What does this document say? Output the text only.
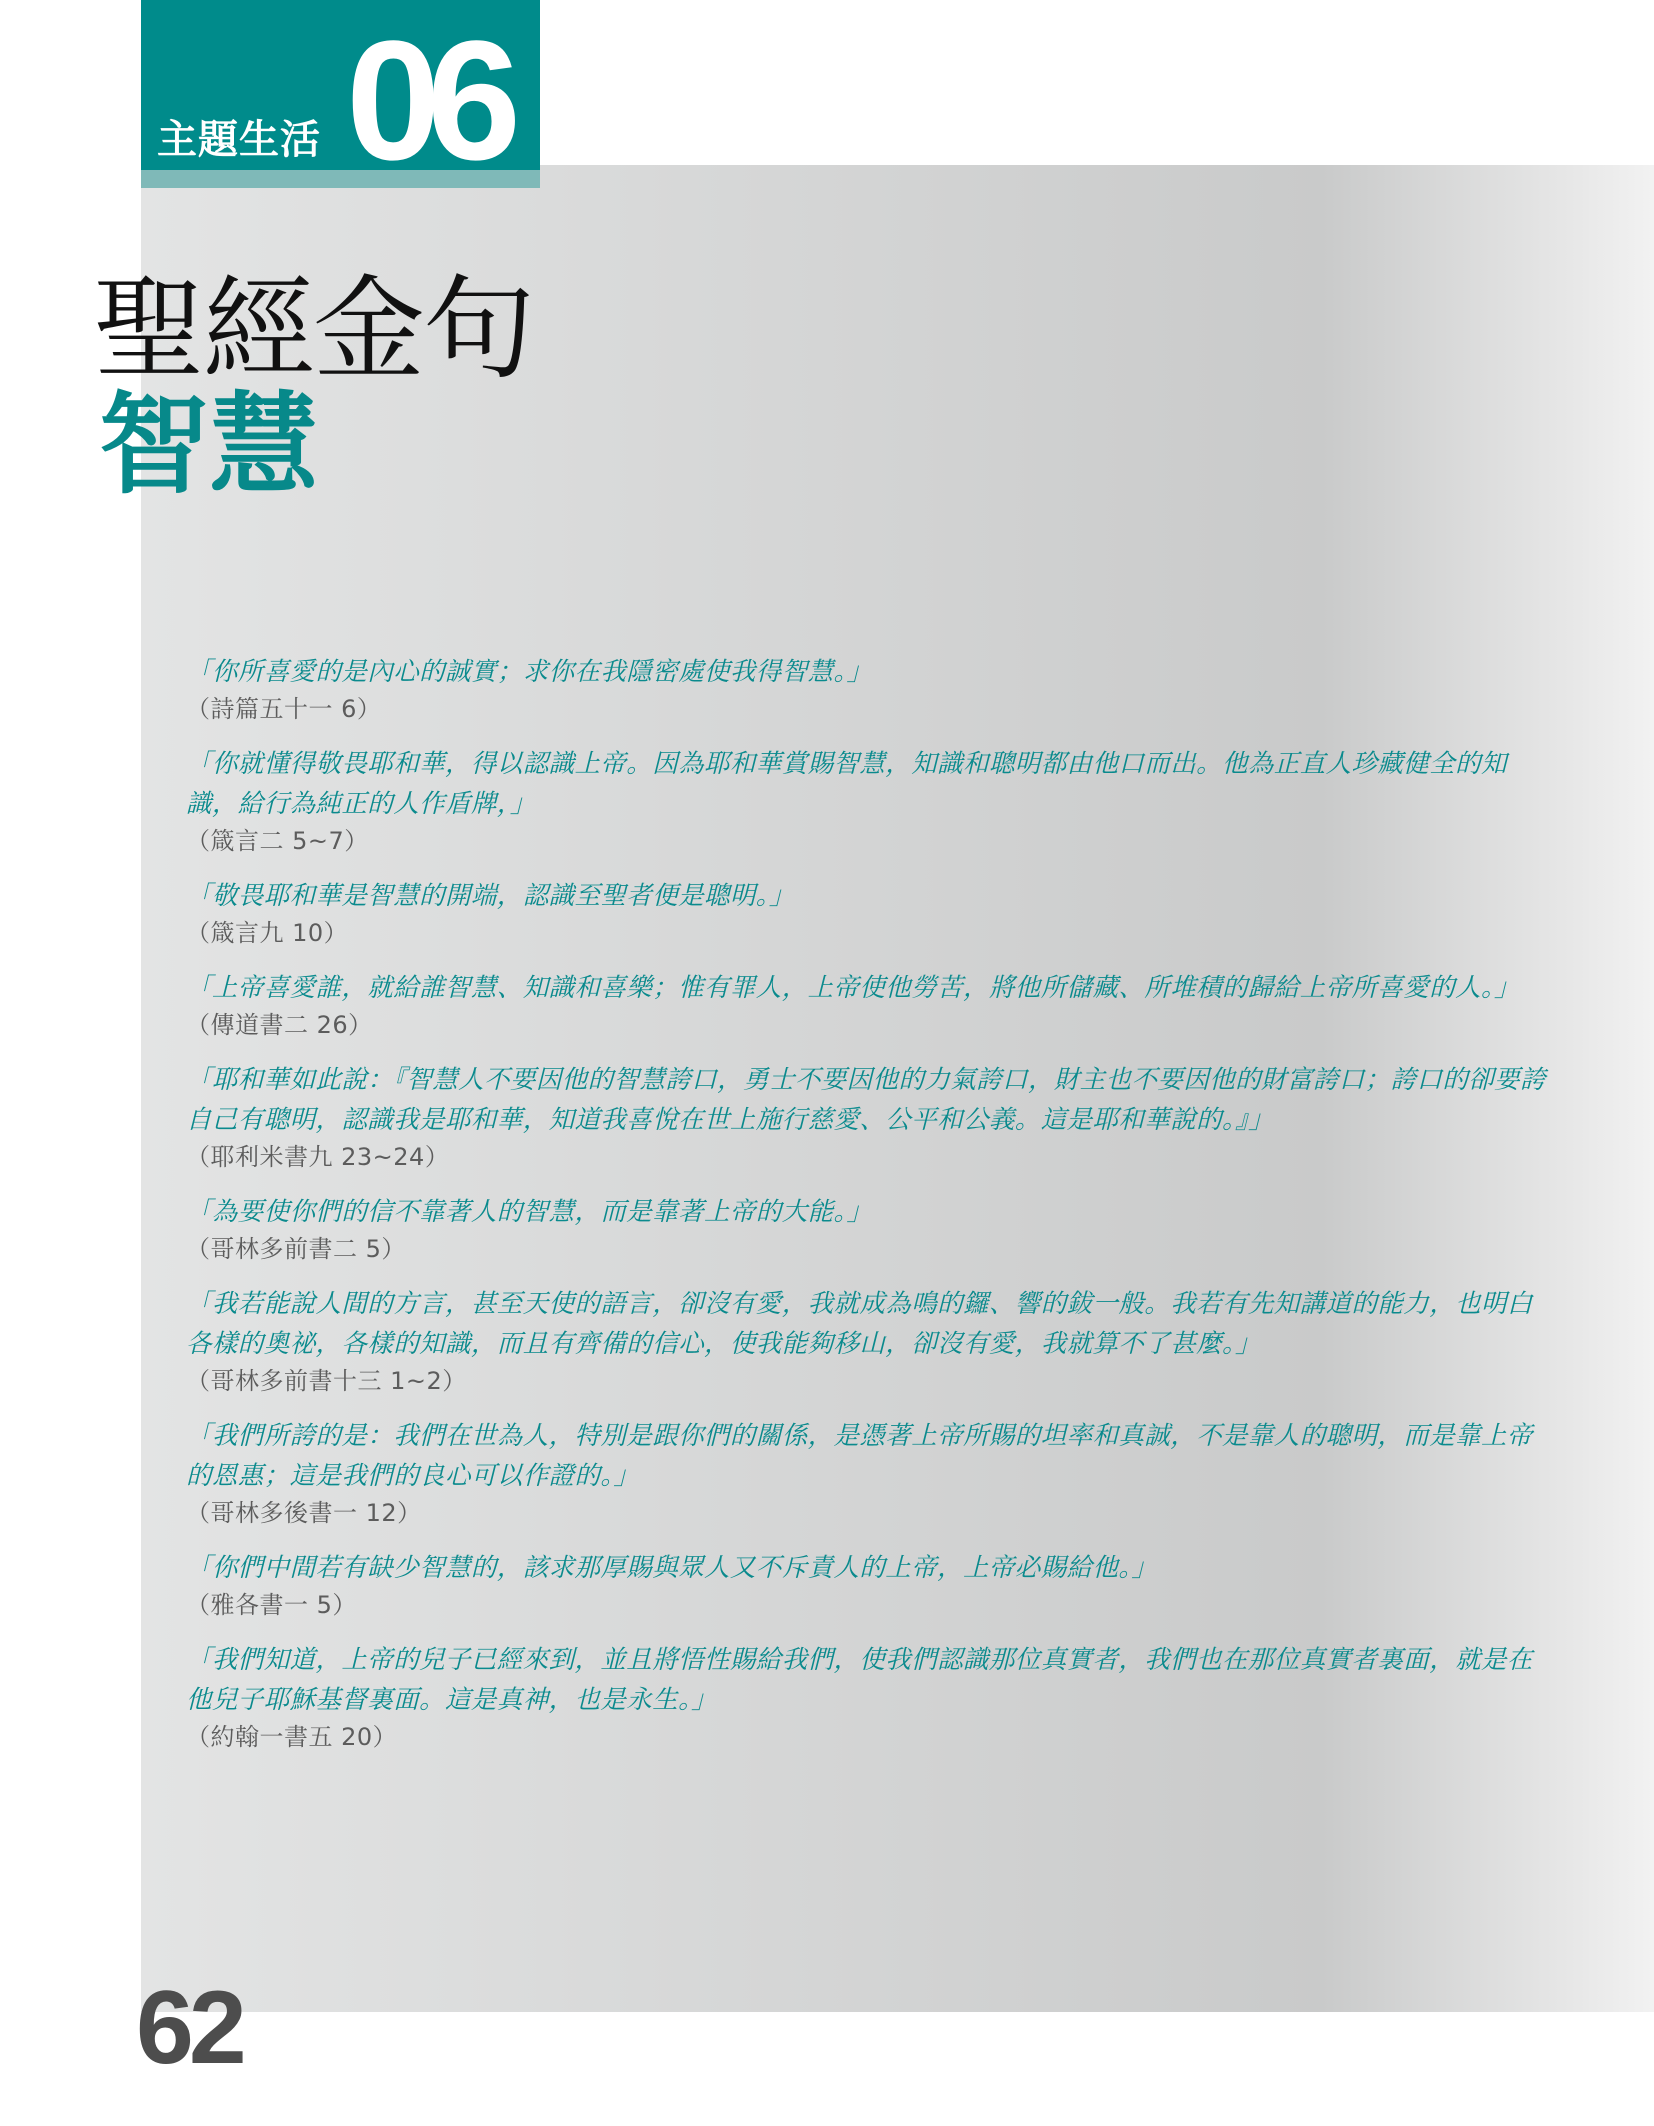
主題生活 06
聖經金句
智慧
「你所喜愛的是內心的誠實；求你在我隱密處使我得智慧。」
（詩篇五十一 6）
「你就懂得敬畏耶和華，得以認識上帝。因為耶和華賞賜智慧，知識和聰明都由他口而出。他為正直人珍藏健全的知識，給行為純正的人作盾牌，」
（箴言二 5~7）
「敬畏耶和華是智慧的開端，認識至聖者便是聰明。」
（箴言九 10）
「上帝喜愛誰，就給誰智慧、知識和喜樂；惟有罪人，上帝使他勞苦，將他所儲藏、所堆積的歸給上帝所喜愛的人。」
（傳道書二 26）
「耶和華如此說：『智慧人不要因他的智慧誇口，勇士不要因他的力氣誇口，財主也不要因他的財富誇口；誇口的卻要誇自己有聰明，認識我是耶和華，知道我喜悅在世上施行慈愛、公平和公義。這是耶和華說的。』」
（耶利米書九 23~24）
「為要使你們的信不靠著人的智慧，而是靠著上帝的大能。」
（哥林多前書二 5）
「我若能說人間的方言，甚至天使的語言，卻沒有愛，我就成為鳴的鑼、響的鈸一般。我若有先知講道的能力，也明白各樣的奧祕，各樣的知識，而且有齊備的信心，使我能夠移山，卻沒有愛，我就算不了甚麼。」
（哥林多前書十三 1~2）
「我們所誇的是：我們在世為人，特別是跟你們的關係，是憑著上帝所賜的坦率和真誠，不是靠人的聰明，而是靠上帝的恩惠；這是我們的良心可以作證的。」
（哥林多後書一 12）
「你們中間若有缺少智慧的，該求那厚賜與眾人又不斥責人的上帝，上帝必賜給他。」
（雅各書一 5）
「我們知道，上帝的兒子已經來到，並且將悟性賜給我們，使我們認識那位真實者，我們也在那位真實者裏面，就是在他兒子耶穌基督裏面。這是真神，也是永生。」
（約翰一書五 20）
62
